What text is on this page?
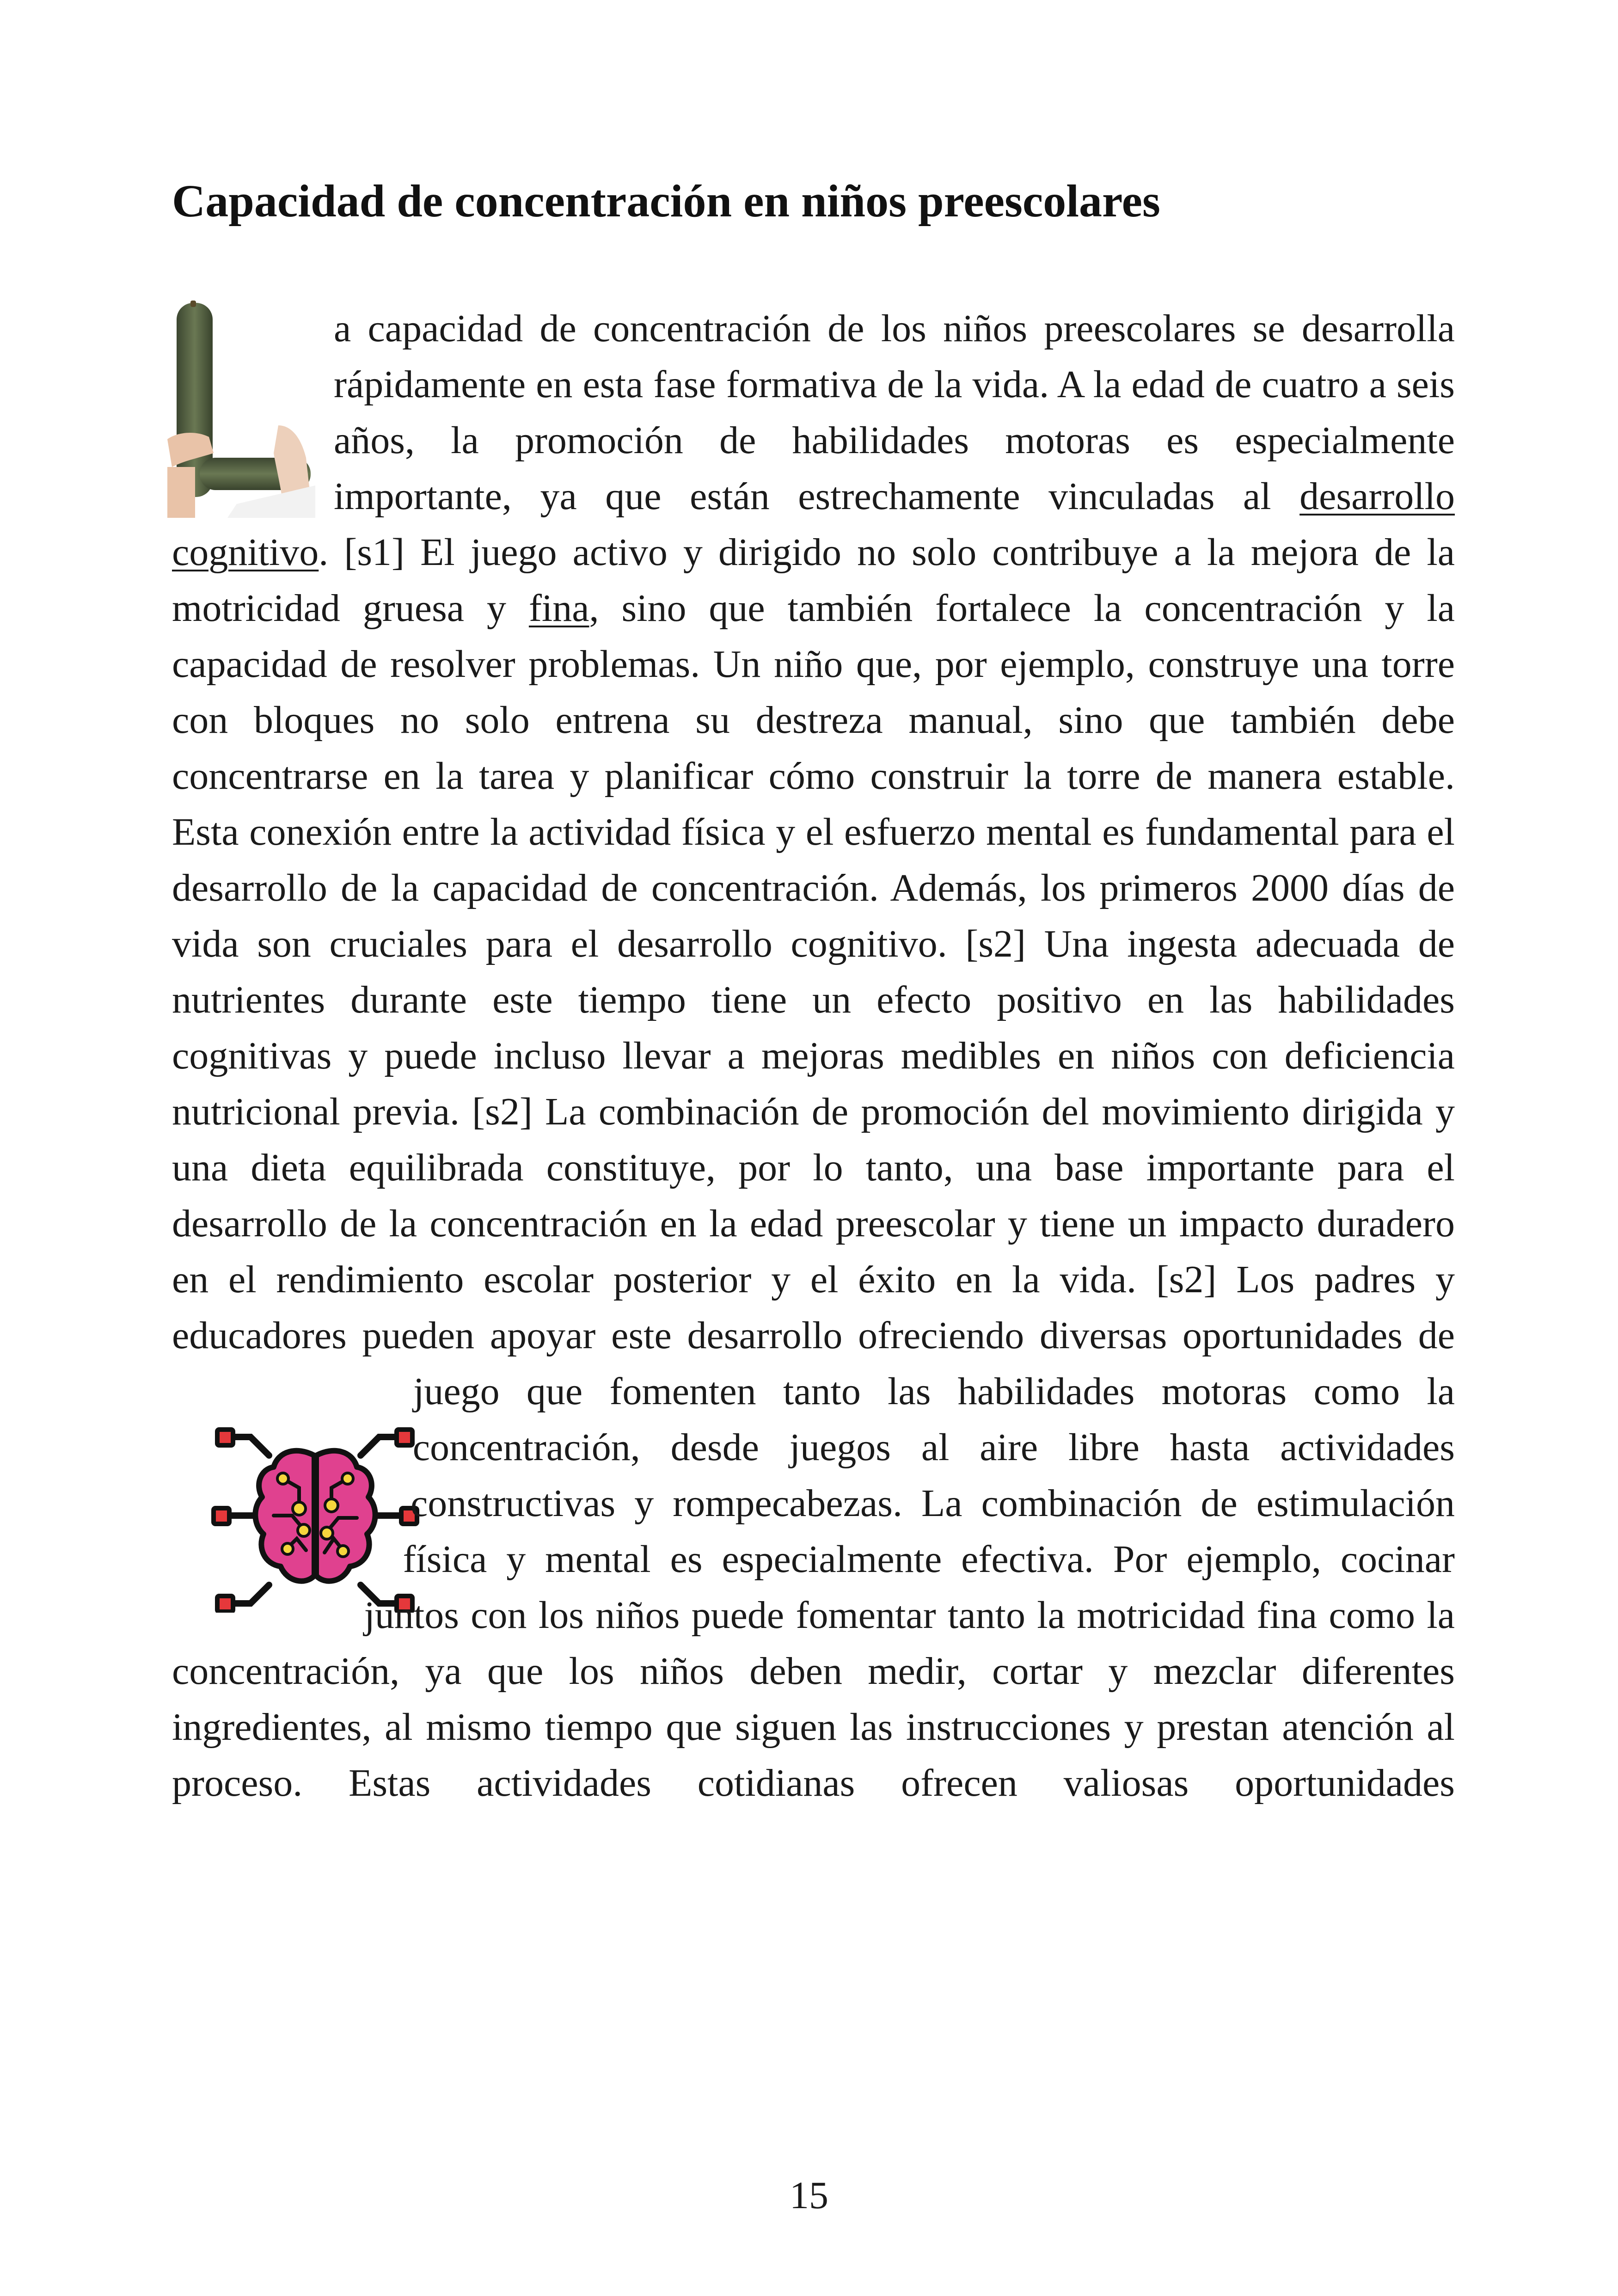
Capacidad de concentración en niños preescolares

a capacidad de concentración de los niños preescolares se desarrolla rápidamente en esta fase formativa de la vida. A la edad de cuatro a seis años, la promoción de habilidades motoras es especialmente importante, ya que están estrechamente vinculadas al desarrollo cognitivo. [s1] El juego activo y dirigido no solo contribuye a la mejora de la motricidad gruesa y fina, sino que también fortalece la concentración y la capacidad de resolver problemas. Un niño que, por ejemplo, construye una torre con bloques no solo entrena su destreza manual, sino que también debe concentrarse en la tarea y planificar cómo construir la torre de manera estable. Esta conexión entre la actividad física y el esfuerzo mental es fundamental para el desarrollo de la capacidad de concentración. Además, los primeros 2000 días de vida son cruciales para el desarrollo cognitivo. [s2] Una ingesta adecuada de nutrientes durante este tiempo tiene un efecto positivo en las habilidades cognitivas y puede incluso llevar a mejoras medibles en niños con deficiencia nutricional previa. [s2] La combinación de promoción del movimiento dirigida y una dieta equilibrada constituye, por lo tanto, una base importante para el desarrollo de la concentración en la edad preescolar y tiene un impacto duradero en el rendimiento escolar posterior y el éxito en la vida. [s2] Los padres y educadores pueden apoyar este desarrollo ofreciendo
diversas oportunidades de juego que fomenten tanto las habilidades motoras como la concentración, desde juegos al aire libre hasta actividades constructivas y rompecabezas. La combinación de estimulación física y mental es especialmente efectiva. Por ejemplo, cocinar juntos con los niños puede fomentar tanto la motricidad fina como la concentración, ya que los niños deben medir, cortar y mezclar diferentes ingredientes, al mismo tiempo que siguen las instrucciones y prestan atención al proceso. Estas actividades cotidianas ofrecen valiosas oportunidades

15
